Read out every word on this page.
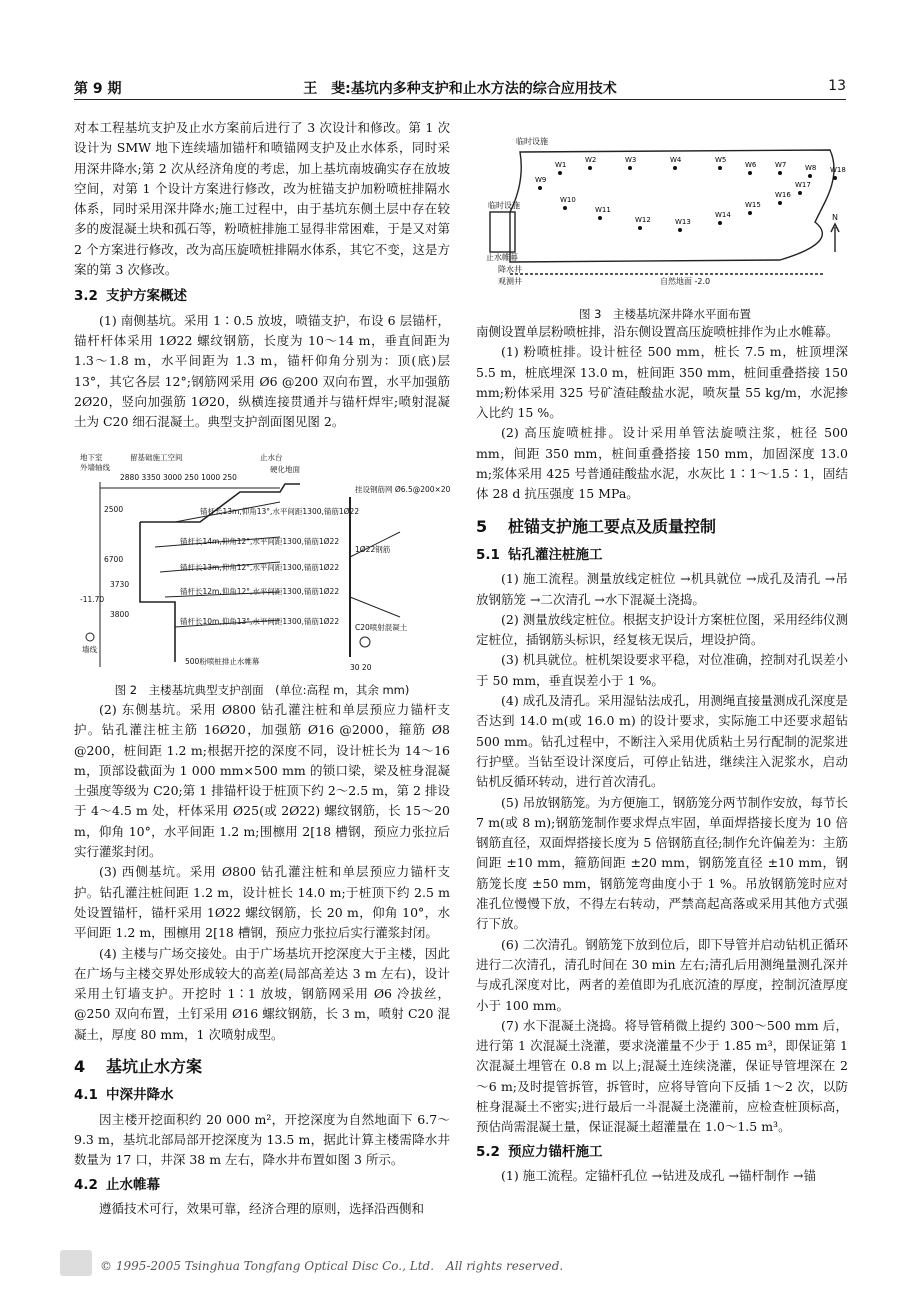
第 9 期	王　斐:基坑内多种支护和止水方法的综合应用技术	13

对本工程基坑支护及止水方案前后进行了 3 次设计和修改。第 1 次设计为 SMW 地下连续墙加锚杆和喷锚网支护及止水体系，同时采用深井降水;第 2 次从经济角度的考虑，加上基坑南坡确实存在放坡空间，对第 1 个设计方案进行修改，改为桩锚支护加粉喷桩排隔水体系，同时采用深井降水;施工过程中，由于基坑东侧土层中存在较多的废混凝土块和孤石等，粉喷桩排施工显得非常困难，于是又对第 2 个方案进行修改，改为高压旋喷桩排隔水体系，其它不变，这是方案的第 3 次修改。

3.2 支护方案概述

(1) 南侧基坑。采用 1∶0.5 放坡，喷锚支护，布设 6 层锚杆，锚杆杆体采用 1Ø22 螺纹钢筋，长度为 10～14 m，垂直间距为 1.3～1.8 m，水平间距为 1.3 m，锚杆仰角分别为：顶(底)层 13°，其它各层 12°;钢筋网采用 Ø6 @200 双向布置，水平加强筋 2Ø20，竖向加强筋 1Ø20，纵横连接贯通并与锚杆焊牢;喷射混凝土为 C20 细石混凝土。典型支护剖面图见图 2。

地下室
外墙轴线
留基础施工空间	止水台
硬化地面
2880 3350 3000 250 1000 250
锚杆长13m,仰角13°,水平间距1300,锚筋1Ø22
锚杆长14m,仰角12°,水平间距1300,锚筋1Ø22
锚杆长13m,仰角12°,水平间距1300,锚筋1Ø22
锚杆长12m,仰角12°,水平间距1300,锚筋1Ø22
锚杆长10m,仰角13°,水平间距1300,锚筋1Ø22
500粉喷桩排止水帷幕
挂设钢筋网 Ø6.5@200×200
1Ø22钢筋
C20喷射混凝土
30 20
墙线
2500
6700
3730
3800
-11.70
图 2　主楼基坑典型支护剖面　(单位:高程 m，其余 mm)

(2) 东侧基坑。采用 Ø800 钻孔灌注桩和单层预应力锚杆支护。钻孔灌注桩主筋 16Ø20，加强筋 Ø16 @2000，箍筋 Ø8 @200，桩间距 1.2 m;根据开挖的深度不同，设计桩长为 14～16 m，顶部设截面为 1 000 mm×500 mm 的锁口梁，梁及桩身混凝土强度等级为 C20;第 1 排锚杆设于桩顶下约 2～2.5 m，第 2 排设于 4～4.5 m 处，杆体采用 Ø25(或 2Ø22) 螺纹钢筋，长 15～20 m，仰角 10°，水平间距 1.2 m;围檩用 2[18 槽钢，预应力张拉后实行灌浆封闭。

(3) 西侧基坑。采用 Ø800 钻孔灌注桩和单层预应力锚杆支护。钻孔灌注桩间距 1.2 m，设计桩长 14.0 m;于桩顶下约 2.5 m 处设置锚杆，锚杆采用 1Ø22 螺纹钢筋，长 20 m，仰角 10°，水平间距 1.2 m，围檩用 2[18 槽钢，预应力张拉后实行灌浆封闭。

(4) 主楼与广场交接处。由于广场基坑开挖深度大于主楼，因此在广场与主楼交界处形成较大的高差(局部高差达 3 m 左右)，设计采用土钉墙支护。开挖时 1∶1 放坡，钢筋网采用 Ø6 冷拔丝，@250 双向布置，土钉采用 Ø16 螺纹钢筋，长 3 m，喷射 C20 混凝土，厚度 80 mm，1 次喷射成型。

4 基坑止水方案
4.1 中深井降水

因主楼开挖面积约 20 000 m²，开挖深度为自然地面下 6.7～9.3 m，基坑北部局部开挖深度为 13.5 m，据此计算主楼需降水井数量为 17 口，井深 38 m 左右，降水井布置如图 3 所示。

4.2 止水帷幕

遵循技术可行，效果可靠，经济合理的原则，选择沿西侧和

W1
W2	W3	W4	W5
W6	W7	W8
W9
W10
W11
W12	W13
W14
W15
W16
W17
W18
临时设施
临时设施
止水帷幕
降水井
观测井	自然地面 -2.0
N
图 3　主楼基坑深井降水平面布置

南侧设置单层粉喷桩排，沿东侧设置高压旋喷桩排作为止水帷幕。

(1) 粉喷桩排。设计桩径 500 mm，桩长 7.5 m，桩顶埋深 5.5 m，桩底埋深 13.0 m，桩间距 350 mm，桩间重叠搭接 150 mm;粉体采用 325 号矿渣硅酸盐水泥，喷灰量 55 kg/m，水泥掺入比约 15 %。

(2) 高压旋喷桩排。设计采用单管法旋喷注浆，桩径 500 mm，间距 350 mm，桩间重叠搭接 150 mm，加固深度 13.0 m;浆体采用 425 号普通硅酸盐水泥，水灰比 1∶1～1.5∶1，固结体 28 d 抗压强度 15 MPa。

5 桩锚支护施工要点及质量控制
5.1 钻孔灌注桩施工

(1) 施工流程。测量放线定桩位 →机具就位 →成孔及清孔 →吊放钢筋笼 →二次清孔 →水下混凝土浇捣。

(2) 测量放线定桩位。根据支护设计方案桩位图，采用经纬仪测定桩位，插钢筋头标识，经复核无误后，埋设护筒。

(3) 机具就位。桩机架设要求平稳，对位准确，控制对孔误差小于 50 mm，垂直误差小于 1 %。

(4) 成孔及清孔。采用湿钻法成孔，用测绳直接量测成孔深度是否达到 14.0 m(或 16.0 m) 的设计要求，实际施工中还要求超钻 500 mm。钻孔过程中，不断注入采用优质粘土另行配制的泥浆进行护壁。当钻至设计深度后，可停止钻进，继续注入泥浆水，启动钻机反循环转动，进行首次清孔。

(5) 吊放钢筋笼。为方便施工，钢筋笼分两节制作安放，每节长 7 m(或 8 m);钢筋笼制作要求焊点牢固，单面焊搭接长度为 10 倍钢筋直径，双面焊搭接长度为 5 倍钢筋直径;制作允许偏差为：主筋间距 ±10 mm，箍筋间距 ±20 mm，钢筋笼直径 ±10 mm，钢筋笼长度 ±50 mm，钢筋笼弯曲度小于 1 %。吊放钢筋笼时应对准孔位慢慢下放，不得左右转动，严禁高起高落或采用其他方式强行下放。

(6) 二次清孔。钢筋笼下放到位后，即下导管并启动钻机正循环进行二次清孔，清孔时间在 30 min 左右;清孔后用测绳量测孔深并与成孔深度对比，两者的差值即为孔底沉渣的厚度，控制沉渣厚度小于 100 mm。

(7) 水下混凝土浇捣。将导管稍微上提约 300～500 mm 后，进行第 1 次混凝土浇灌，要求浇灌量不少于 1.85 m³，即保证第 1 次混凝土埋管在 0.8 m 以上;混凝土连续浇灌，保证导管埋深在 2～6 m;及时提管拆管，拆管时，应将导管向下反插 1～2 次，以防桩身混凝土不密实;进行最后一斗混凝土浇灌前，应检查桩顶标高，预估尚需混凝土量，保证混凝土超灌量在 1.0～1.5 m³。

5.2 预应力锚杆施工

(1) 施工流程。定锚杆孔位 →钻进及成孔 →锚杆制作 →锚

© 1995-2005 Tsinghua Tongfang Optical Disc Co., Ltd.　All rights reserved.
